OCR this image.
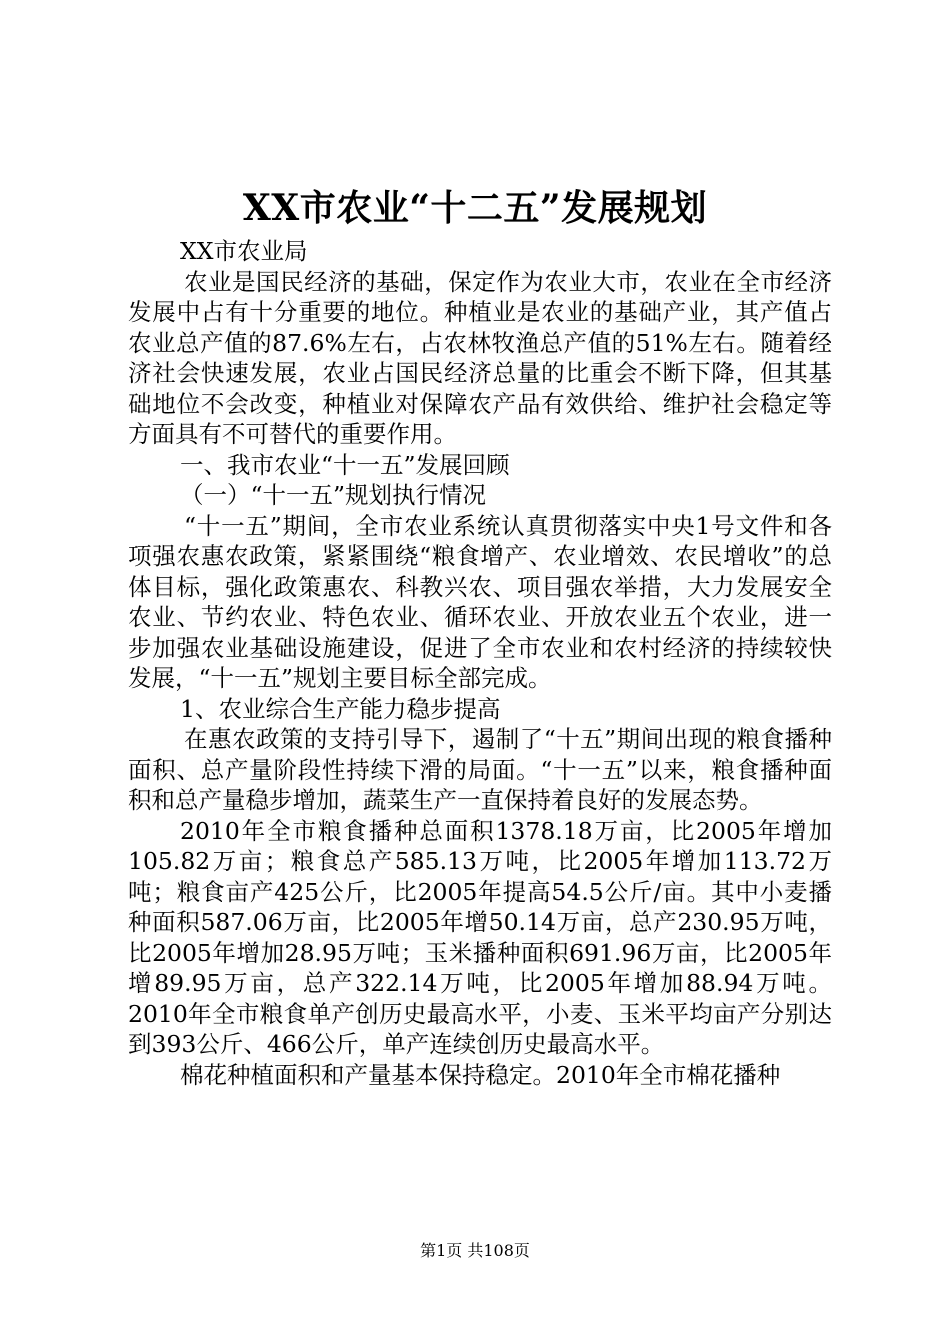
XX市农业“十二五”发展规划

XX市农业局

农业是国民经济的基础，保定作为农业大市，农业在全市经济发展中占有十分重要的地位。种植业是农业的基础产业，其产值占农业总产值的87.6%左右，占农林牧渔总产值的51%左右。随着经济社会快速发展，农业占国民经济总量的比重会不断下降，但其基础地位不会改变，种植业对保障农产品有效供给、维护社会稳定等方面具有不可替代的重要作用。

一、我市农业“十一五”发展回顾

（一）“十一五”规划执行情况

“十一五”期间，全市农业系统认真贯彻落实中央1号文件和各项强农惠农政策，紧紧围绕“粮食增产、农业增效、农民增收”的总体目标，强化政策惠农、科教兴农、项目强农举措，大力发展安全农业、节约农业、特色农业、循环农业、开放农业五个农业，进一步加强农业基础设施建设，促进了全市农业和农村经济的持续较快发展，“十一五”规划主要目标全部完成。

1、农业综合生产能力稳步提高

在惠农政策的支持引导下，遏制了“十五”期间出现的粮食播种面积、总产量阶段性持续下滑的局面。“十一五”以来，粮食播种面积和总产量稳步增加，蔬菜生产一直保持着良好的发展态势。

2010年全市粮食播种总面积1378.18万亩，比2005年增加105.82万亩；粮食总产585.13万吨，比2005年增加113.72万吨；粮食亩产425公斤，比2005年提高54.5公斤/亩。其中小麦播种面积587.06万亩，比2005年增50.14万亩，总产230.95万吨，比2005年增加28.95万吨；玉米播种面积691.96万亩，比2005年增89.95万亩，总产322.14万吨，比2005年增加88.94万吨。2010年全市粮食单产创历史最高水平，小麦、玉米平均亩产分别达到393公斤、466公斤，单产连续创历史最高水平。

棉花种植面积和产量基本保持稳定。2010年全市棉花播种

第1页 共108页
